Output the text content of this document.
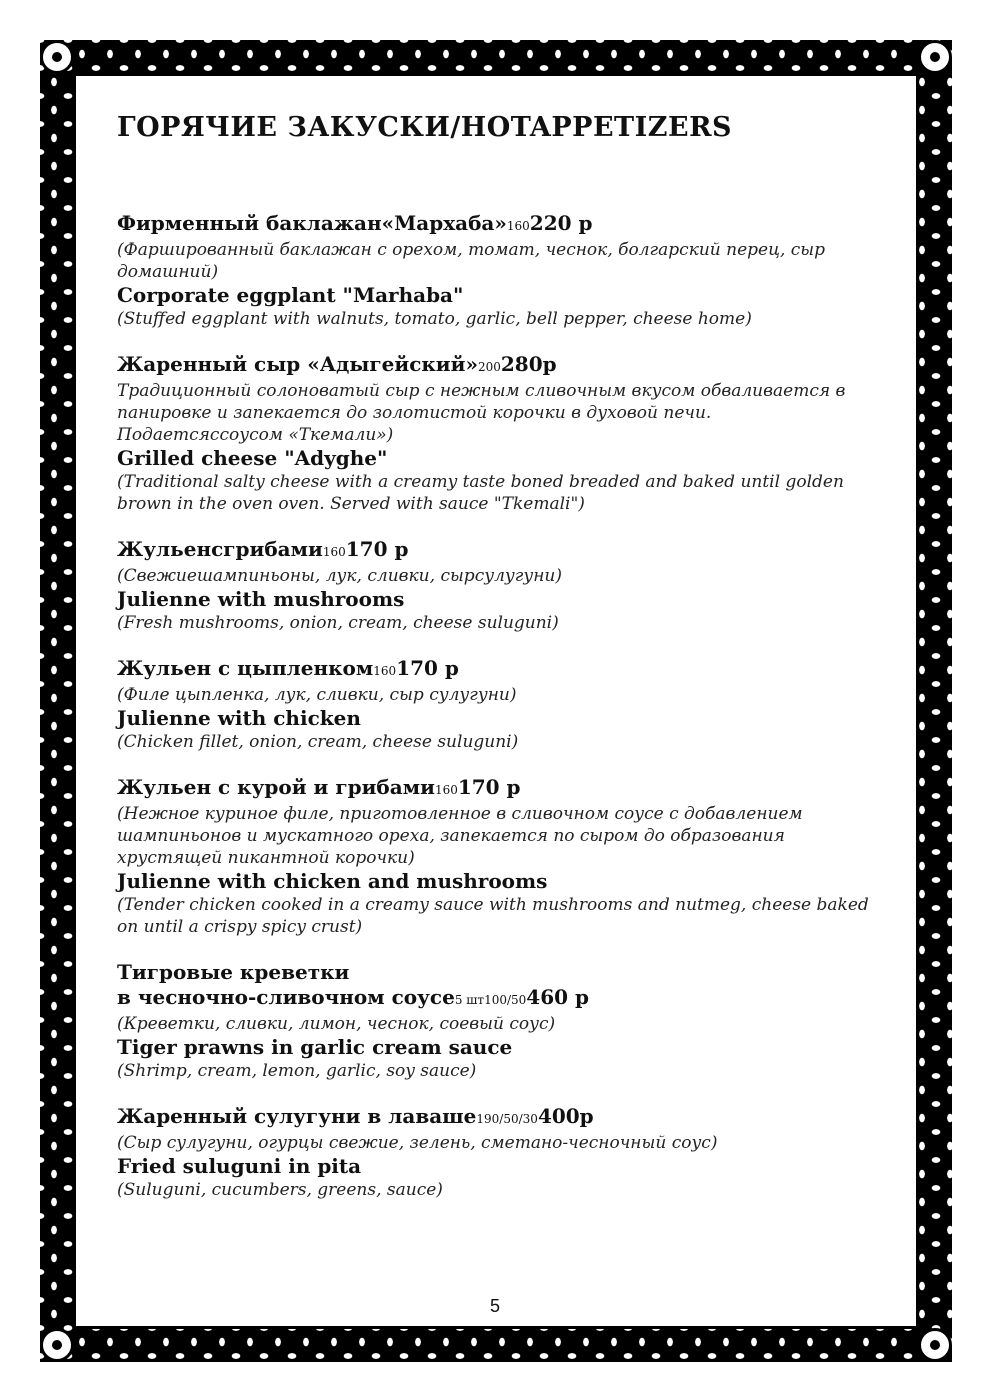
ГОРЯЧИЕ ЗАКУСКИ/HOTAPPETIZERS
Фирменный баклажан«Мархаба»160220 р
(Фаршированный баклажан с орехом, томат, чеснок, болгарский перец, сыр домашний)
Corporate eggplant "Marhaba"
(Stuffed eggplant with walnuts, tomato, garlic, bell pepper, cheese home)
Жаренный сыр «Адыгейский»200280р
Традиционный солоноватый сыр с нежным сливочным вкусом обваливается в панировке и запекается до золотистой корочки в духовой печи. Подаетсяссоусом «Ткемали»)
Grilled cheese "Adyghe"
(Traditional salty cheese with a creamy taste boned breaded and baked until golden brown in the oven oven. Served with sauce "Tkemali")
Жульенсгрибами160170 р
(Свежиешампиньоны, лук, сливки, сырсулугуни)
Julienne with mushrooms
(Fresh mushrooms, onion, cream, cheese suluguni)
Жульен с цыпленком160170 р
(Филе цыпленка, лук, сливки, сыр сулугуни)
Julienne with chicken
(Chicken fillet, onion, cream, cheese suluguni)
Жульен с курой и грибами160170 р
(Нежное куриное филе, приготовленное в сливочном соусе с добавлением шампиньонов и мускатного ореха, запекается по сыром до образования хрустящей пикантной корочки)
Julienne with chicken and mushrooms
(Tender chicken cooked in a creamy sauce with mushrooms and nutmeg, cheese baked on until a crispy spicy crust)
Тигровые креветки
в чесночно-сливочном соусе5 шт100/50460 р
(Креветки, сливки, лимон, чеснок, соевый соус)
Tiger prawns in garlic cream sauce
(Shrimp, cream, lemon, garlic, soy sauce)
Жаренный сулугуни в лаваше190/50/30400р
(Сыр сулугуни, огурцы свежие, зелень, сметано-чесночный соус)
Fried suluguni in pita
(Suluguni, cucumbers, greens, sauce)
5
